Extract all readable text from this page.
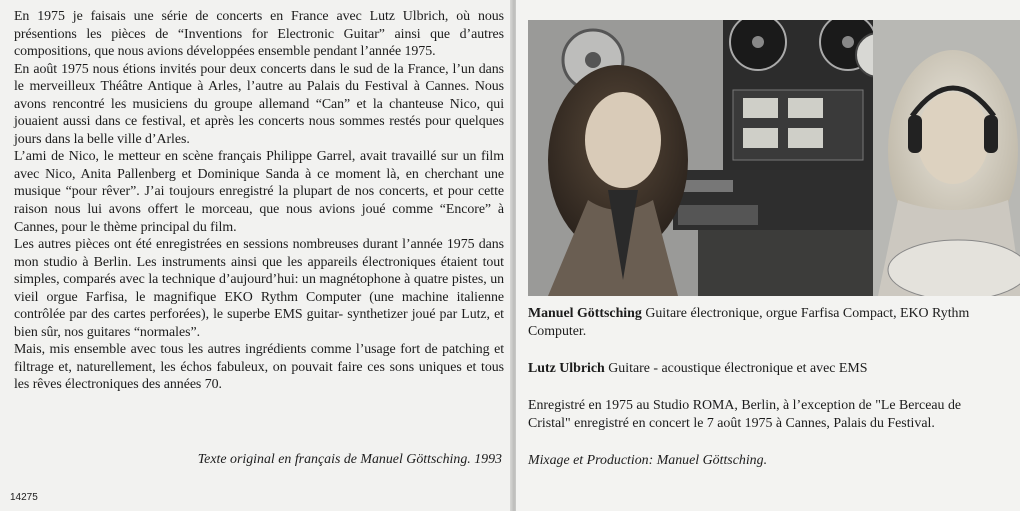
En 1975 je faisais une série de concerts en France avec Lutz Ulbrich, où nous présentions les pièces de “Inventions for Electronic Guitar” ainsi que d’autres compositions, que nous avions développées ensemble pendant l’année 1975.

En août 1975 nous étions invités pour deux concerts dans le sud de la France, l’un dans le merveilleux Théâtre Antique à Arles, l’autre au Palais du Festival à Cannes. Nous avons rencontré les musiciens du groupe allemand “Can” et la chanteuse Nico, qui jouaient aussi dans ce festival, et après les concerts nous sommes restés pour quelques jours dans la belle ville d’Arles.

L’ami de Nico, le metteur en scène français Philippe Garrel, avait travaillé sur un film avec Nico, Anita Pallenberg et Dominique Sanda à ce moment là, en cherchant une musique “pour rêver”. J’ai toujours enregistré la plupart de nos concerts, et pour cette raison nous lui avons offert le morceau, que nous avions joué comme “Encore” à Cannes, pour le thème principal du film.

Les autres pièces ont été enregistrées en sessions nombreuses durant l’année 1975 dans mon studio à Berlin. Les instruments ainsi que les appareils électroniques étaient tout simples, comparés avec la technique d’aujourd’hui: un magnétophone à quatre pistes, un vieil orgue Farfisa, le magnifique EKO Rythm Computer (une machine italienne contrôlée par des cartes perforées), le superbe EMS guitar- synthetizer joué par Lutz, et bien sûr, nos guitares “normales”.

Mais, mis ensemble avec tous les autres ingrédients comme l’usage fort de patching et filtrage et, naturellement, les échos fabuleux, on pouvait faire ces sons uniques et tous les rêves électroniques des années 70.

Texte original en français de Manuel Göttsching. 1993

14275

Manuel Göttsching Guitare électronique, orgue Farfisa Compact, EKO Rythm Computer.

Lutz Ulbrich Guitare - acoustique électronique et avec EMS

Enregistré en 1975 au Studio ROMA, Berlin, à l’exception de "Le Berceau de Cristal" enregistré en concert le 7 août 1975 à Cannes, Palais du Festival.

Mixage et Production: Manuel Göttsching.
